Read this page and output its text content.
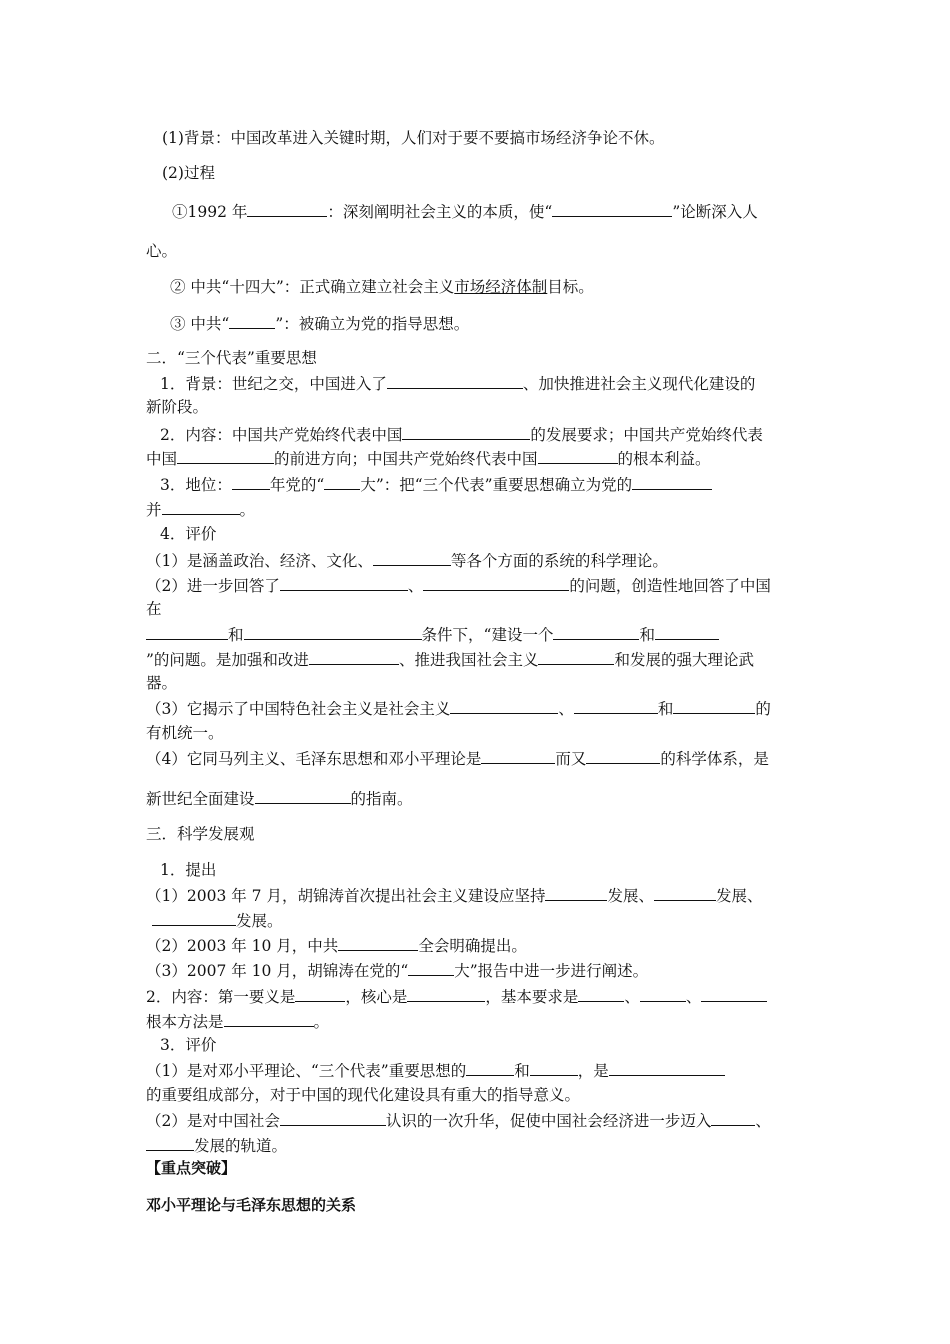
(1)背景：中国改革进入关键时期，人们对于要不要搞市场经济争论不休。
(2)过程
①1992 年	：深刻阐明社会主义的本质，使“	”论断深入人
心。
② 中共“十四大”：正式确立建立社会主义市场经济体制目标。
③ 中共“	”：被确立为党的指导思想。
二．“三个代表”重要思想
1．背景：世纪之交，中国进入了	、加快推进社会主义现代化建设的
新阶段。
2．内容：中国共产党始终代表中国	的发展要求；中国共产党始终代表
中国	的前进方向；中国共产党始终代表中国	的根本利益。
3．地位： 年党的“ 大”：把“三个代表”重要思想确立为党的
并	。
4．评价
（1）是涵盖政治、经济、文化、	等各个方面的系统的科学理论。
（2）进一步回答了	、	的问题，创造性地回答了中国
在
和	条件下，“建设一个	和
”的问题。是加强和改进	、推进我国社会主义	和发展的强大理论武
器。
（3）它揭示了中国特色社会主义是社会主义	、	和	的
有机统一。
（4）它同马列主义、毛泽东思想和邓小平理论是	而又	的科学体系，是
新世纪全面建设	的指南。
三．科学发展观
1．提出
（1）2003 年 7 月，胡锦涛首次提出社会主义建设应坚持	发展、	发展、
发展。
（2）2003 年 10 月，中共	全会明确提出。
（3）2007 年 10 月，胡锦涛在党的“	大”报告中进一步进行阐述。
2．内容：第一要义是	，核心是	，基本要求是	、	、
根本方法是	。
3．评价
（1）是对邓小平理论、“三个代表”重要思想的	和	，是
的重要组成部分，对于中国的现代化建设具有重大的指导意义。
（2）是对中国社会	认识的一次升华，促使中国社会经济进一步迈入	、
发展的轨道。
【重点突破】
邓小平理论与毛泽东思想的关系
